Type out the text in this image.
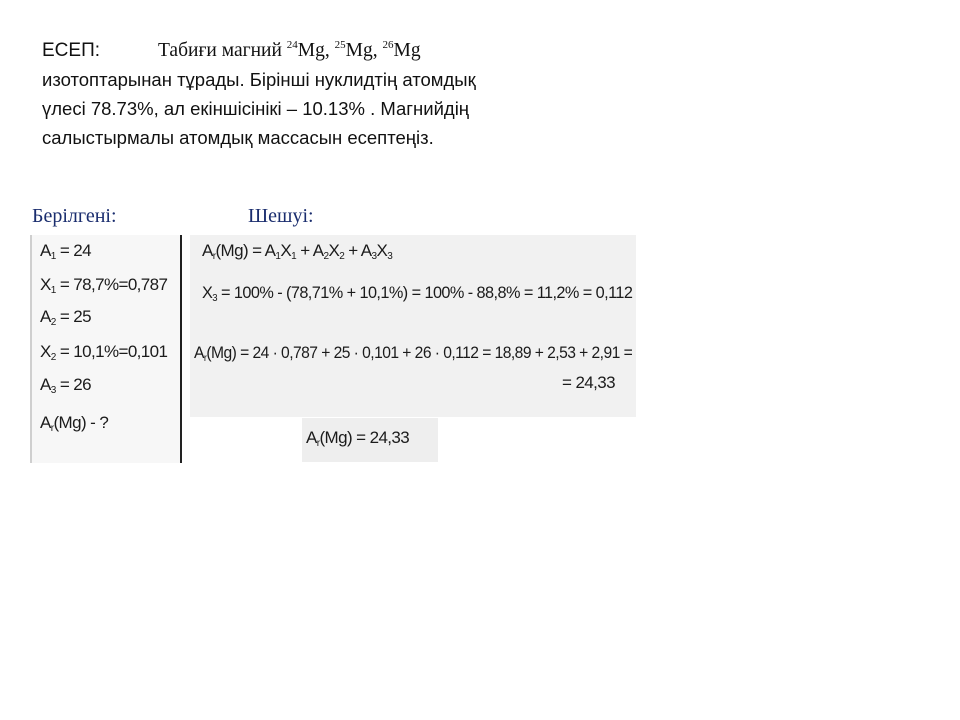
ЕСЕП:	Табиғи магний $^{24}$Mg, $^{25}$Mg, $^{26}$Mg
изотоптарынан тұрады. Бірінші нуклидтің атомдық
үлесі 78.73%, ал екіншісінікі – 10.13% . Магнийдің
салыстырмалы атомдық массасын есептеңіз.
Берілгені:	Шешуі:
$A_1 = 24$
$X_1 = 78,7\%=0,787$
$A_2 = 25$
$X_2 = 10,1\%=0,101$
$A_3 = 26$
$A_r(Mg)$ - ?
$A_r(Mg) = A_1X_1 + A_2X_2 + A_3X_3$
$X_3 = 100\% - (78,71\% + 10,1\%) = 100\% - 88,8\% = 11,2\% = 0,112$
$A_r(Mg) = 24 \cdot 0,787 + 25 \cdot 0,101 + 26 \cdot 0,112 = 18,89 + 2,53 + 2,91$ =
= 24,33
$A_r(Mg) = 24,33$
